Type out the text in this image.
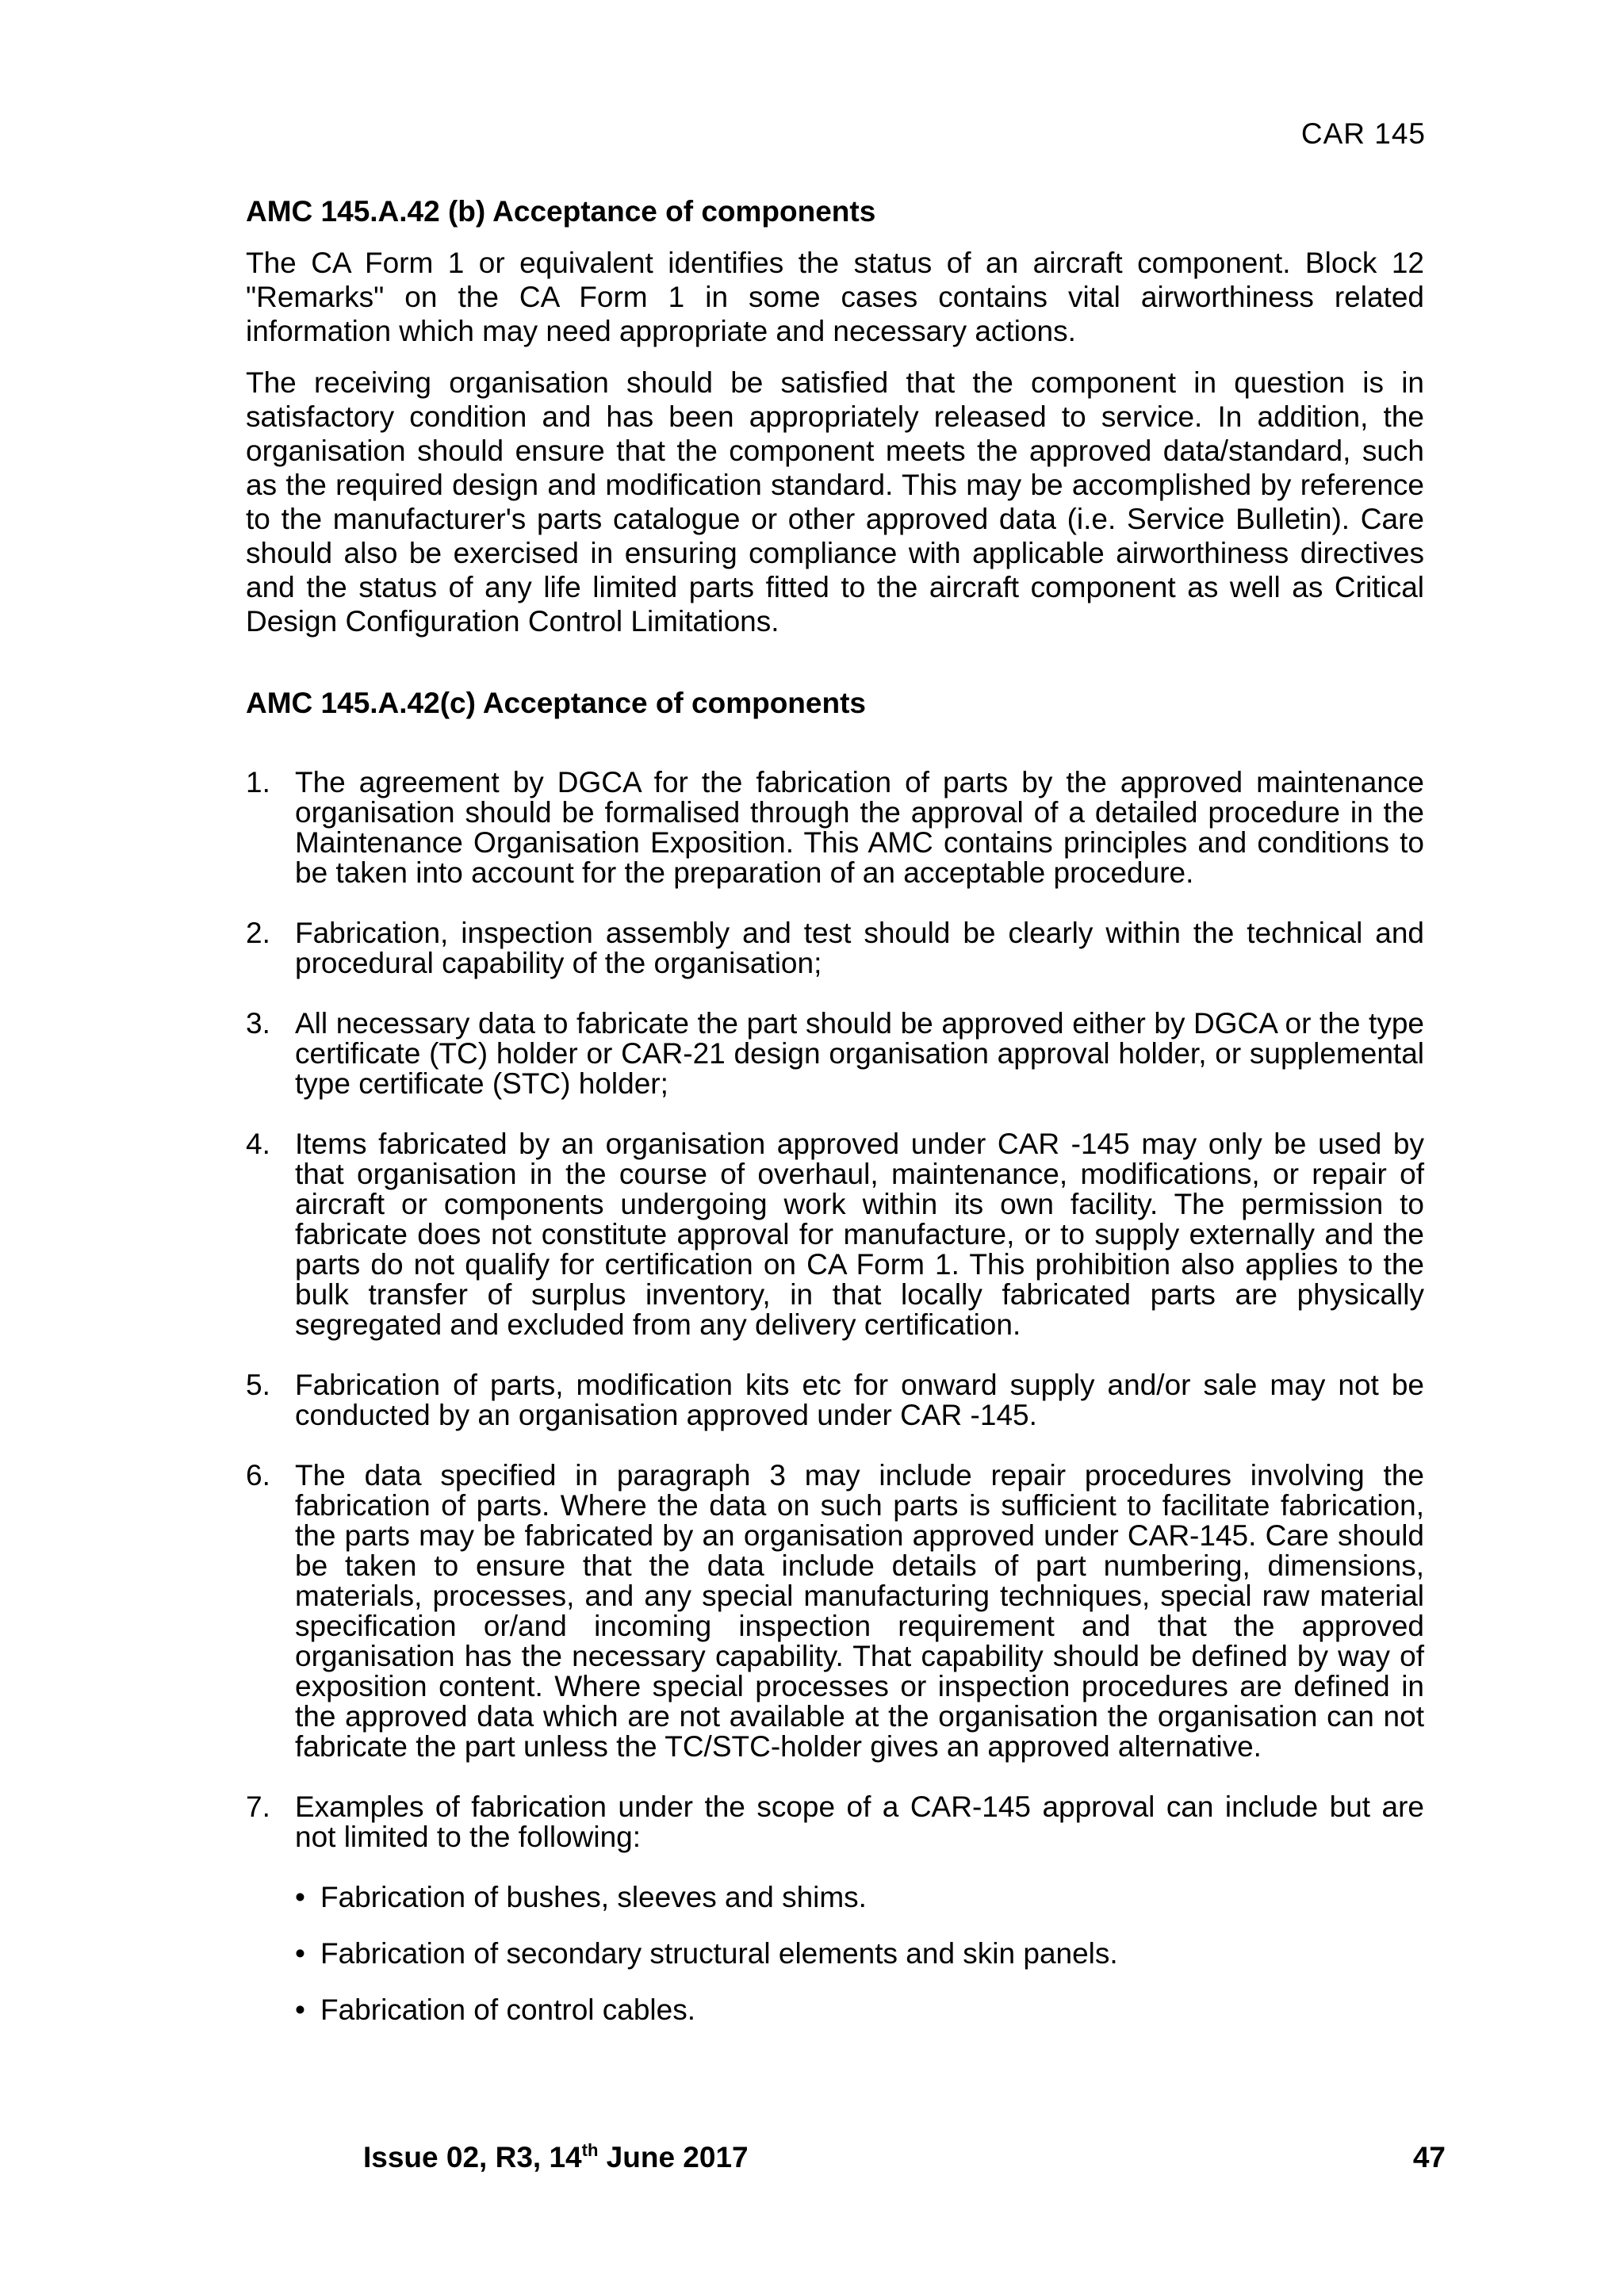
CAR 145

AMC 145.A.42 (b) Acceptance of components

The CA Form 1 or equivalent identifies the status of an aircraft component. Block 12 "Remarks" on the CA Form 1 in some cases contains vital airworthiness related information which may need appropriate and necessary actions.

The receiving organisation should be satisfied that the component in question is in satisfactory condition and has been appropriately released to service. In addition, the organisation should ensure that the component meets the approved data/standard, such as the required design and modification standard. This may be accomplished by reference to the manufacturer's parts catalogue or other approved data (i.e. Service Bulletin). Care should also be exercised in ensuring compliance with applicable airworthiness directives and the status of any life limited parts fitted to the aircraft component as well as Critical Design Configuration Control Limitations.

AMC 145.A.42(c) Acceptance of components

1. The agreement by DGCA for the fabrication of parts by the approved maintenance organisation should be formalised through the approval of a detailed procedure in the Maintenance Organisation Exposition. This AMC contains principles and conditions to be taken into account for the preparation of an acceptable procedure.
2. Fabrication, inspection assembly and test should be clearly within the technical and procedural capability of the organisation;
3. All necessary data to fabricate the part should be approved either by DGCA or the type certificate (TC) holder or CAR-21 design organisation approval holder, or supplemental type certificate (STC) holder;
4. Items fabricated by an organisation approved under CAR -145 may only be used by that organisation in the course of overhaul, maintenance, modifications, or repair of aircraft or components undergoing work within its own facility. The permission to fabricate does not constitute approval for manufacture, or to supply externally and the parts do not qualify for certification on CA Form 1. This prohibition also applies to the bulk transfer of surplus inventory, in that locally fabricated parts are physically segregated and excluded from any delivery certification.
5. Fabrication of parts, modification kits etc for onward supply and/or sale may not be conducted by an organisation approved under CAR -145.
6. The data specified in paragraph 3 may include repair procedures involving the fabrication of parts. Where the data on such parts is sufficient to facilitate fabrication, the parts may be fabricated by an organisation approved under CAR-145. Care should be taken to ensure that the data include details of part numbering, dimensions, materials, processes, and any special manufacturing techniques, special raw material specification or/and incoming inspection requirement and that the approved organisation has the necessary capability. That capability should be defined by way of exposition content. Where special processes or inspection procedures are defined in the approved data which are not available at the organisation the organisation can not fabricate the part unless the TC/STC-holder gives an approved alternative.
7. Examples of fabrication under the scope of a CAR-145 approval can include but are not limited to the following:
• Fabrication of bushes, sleeves and shims.
• Fabrication of secondary structural elements and skin panels.
• Fabrication of control cables.
Issue 02, R3, 14th June 2017	47
